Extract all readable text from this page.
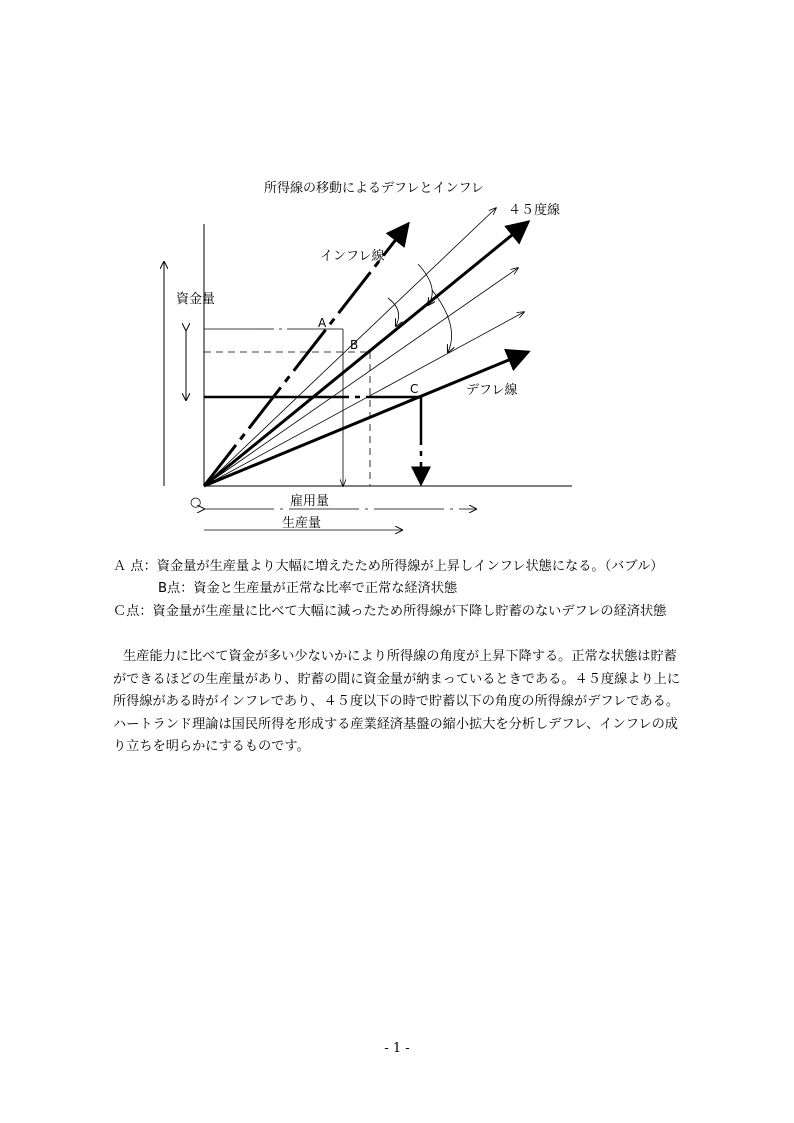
所得線の移動によるデフレとインフレ
資金量
○
４５度線
インフレ線
デフレ線
A
B
C
雇用量
生産量

Ａ 点：資金量が生産量より大幅に増えたため所得線が上昇しインフレ状態になる。（バブル）

Ｃ点：資金量が生産量に比べて大幅に減ったため所得線が下降し貯蓄のないデフレの経済状態

生産能力に比べて資金が多い少ないかにより所得線の角度が上昇下降する。正常な状態は貯蓄ができるほどの生産量があり、貯蓄の間に資金量が納まっているときである。４５度線より上に所得線がある時がインフレであり、４５度以下の時で貯蓄以下の角度の所得線がデフレである。ハートランド理論は国民所得を形成する産業経済基盤の縮小拡大を分析しデフレ、インフレの成り立ちを明らかにするものです。

B点：資金と生産量が正常な比率で正常な経済状態
- 1 -
